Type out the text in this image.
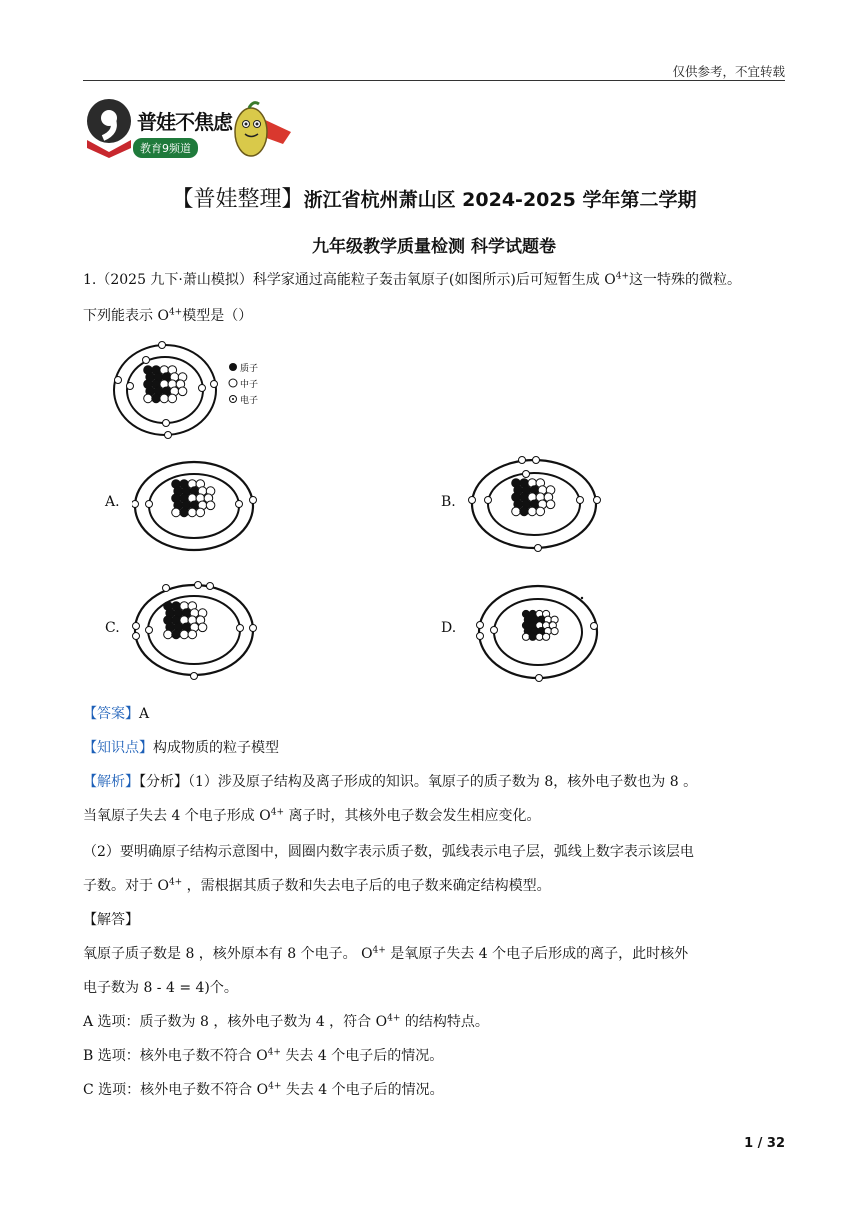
仅供参考，不宜转载
普娃不焦虑
教育9频道
【普娃整理】浙江省杭州萧山区 2024-2025 学年第二学期
九年级教学质量检测 科学试题卷
1.（2025 九下·萧山模拟）科学家通过高能粒子轰击氧原子(如图所示)后可短暂生成 $O^{4+}$这一特殊的微粒。
下列能表示 $O^{4+}$模型是（）
质子
中子
电子
A.	B.
C.	D.
【答案】A
【知识点】构成物质的粒子模型
【解析】【分析】（1）涉及原子结构及离子形成的知识。氧原子的质子数为 8，核外电子数也为 8 。
当氧原子失去 4 个电子形成 $O^{4+}$ 离子时，其核外电子数会发生相应变化。
（2）要明确原子结构示意图中，圆圈内数字表示质子数，弧线表示电子层，弧线上数字表示该层电
子数。对于 $O^{4+}$ ，需根据其质子数和失去电子后的电子数来确定结构模型。
【解答】
氧原子质子数是 8 ，核外原本有 8 个电子。 $O^{4+}$ 是氧原子失去 4 个电子后形成的离子，此时核外
电子数为 8 - 4 = 4)个。
A 选项：质子数为 8 ，核外电子数为 4 ，符合 $O^{4+}$ 的结构特点。
B 选项：核外电子数不符合 $O^{4+}$ 失去 4 个电子后的情况。
C 选项：核外电子数不符合 $O^{4+}$ 失去 4 个电子后的情况。
1 / 32
